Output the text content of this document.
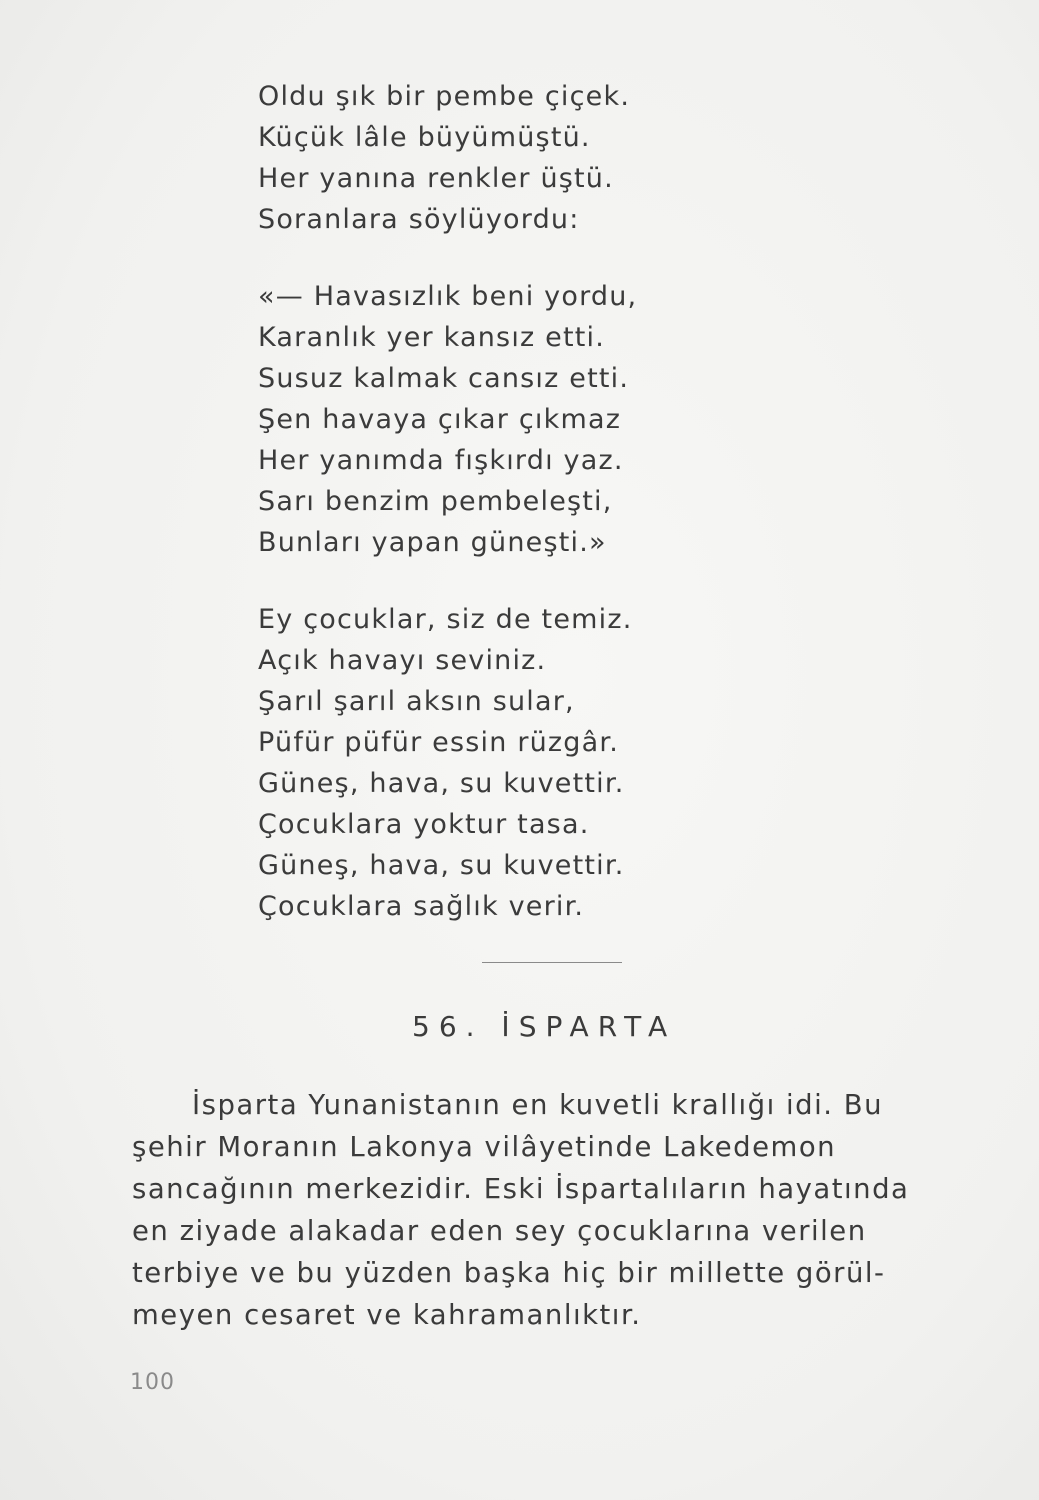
Oldu şık bir pembe çiçek.
Küçük lâle büyümüştü.
Her yanına renkler üştü.
Soranlara söylüyordu:
«— Havasızlık beni yordu,
Karanlık yer kansız etti.
Susuz kalmak cansız etti.
Şen havaya çıkar çıkmaz
Her yanımda fışkırdı yaz.
Sarı benzim pembeleşti,
Bunları yapan güneşti.»
Ey çocuklar, siz de temiz.
Açık havayı seviniz.
Şarıl şarıl aksın sular,
Püfür püfür essin rüzgâr.
Güneş, hava, su kuvettir.
Çocuklara yoktur tasa.
Güneş, hava, su kuvettir.
Çocuklara sağlık verir.
56. İSPARTA
İsparta Yunanistanın en kuvetli krallığı idi. Bu
şehir Moranın Lakonya vilâyetinde Lakedemon
sancağının merkezidir. Eski İspartalıların hayatında
en ziyade alakadar eden sey çocuklarına verilen
terbiye ve bu yüzden başka hiç bir millette görül-
meyen cesaret ve kahramanlıktır.
100
